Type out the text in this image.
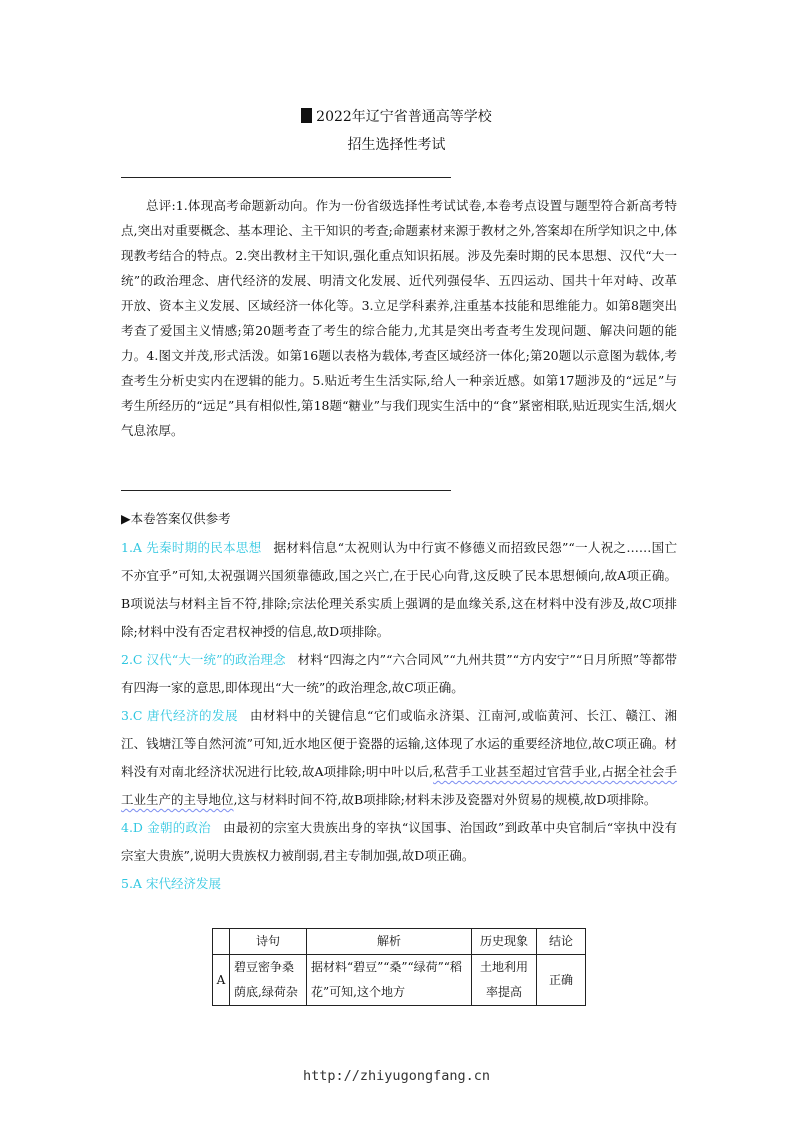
2022年辽宁省普通高等学校
招生选择性考试
总评:1.体现高考命题新动向。作为一份省级选择性考试试卷,本卷考点设置与题型符合新高考特点,突出对重要概念、基本理论、主干知识的考查;命题素材来源于教材之外,答案却在所学知识之中,体现教考结合的特点。2.突出教材主干知识,强化重点知识拓展。涉及先秦时期的民本思想、汉代“大一统”的政治理念、唐代经济的发展、明清文化发展、近代列强侵华、五四运动、国共十年对峙、改革开放、资本主义发展、区域经济一体化等。3.立足学科素养,注重基本技能和思维能力。如第8题突出考查了爱国主义情感;第20题考查了考生的综合能力,尤其是突出考查考生发现问题、解决问题的能力。4.图文并茂,形式活泼。如第16题以表格为载体,考查区域经济一体化;第20题以示意图为载体,考查考生分析史实内在逻辑的能力。5.贴近考生生活实际,给人一种亲近感。如第17题涉及的“远足”与考生所经历的“远足”具有相似性,第18题“糖业”与我们现实生活中的“食”紧密相联,贴近现实生活,烟火气息浓厚。
▶本卷答案仅供参考

1.A 先秦时期的民本思想 据材料信息“太祝则认为中行寅不修德义而招致民怨”“一人祝之……国亡不亦宜乎”可知,太祝强调兴国须靠德政,国之兴亡,在于民心向背,这反映了民本思想倾向,故A项正确。B项说法与材料主旨不符,排除;宗法伦理关系实质上强调的是血缘关系,这在材料中没有涉及,故C项排除;材料中没有否定君权神授的信息,故D项排除。

2.C 汉代“大一统”的政治理念 材料“四海之内”“六合同风”“九州共贯”“方内安宁”“日月所照”等都带有四海一家的意思,即体现出“大一统”的政治理念,故C项正确。

3.C 唐代经济的发展 由材料中的关键信息“它们或临永济渠、江南河,或临黄河、长江、赣江、湘江、钱塘江等自然河流”可知,近水地区便于瓷器的运输,这体现了水运的重要经济地位,故C项正确。材料没有对南北经济状况进行比较,故A项排除;明中叶以后,私营手工业甚至超过官营手业,占据全社会手工业生产的主导地位,这与材料时间不符,故B项排除;材料未涉及瓷器对外贸易的规模,故D项排除。

4.D 金朝的政治 由最初的宗室大贵族出身的宰执“议国事、治国政”到政革中央官制后“宰执中没有宗室大贵族”,说明大贵族权力被削弱,君主专制加强,故D项正确。

5.A 宋代经济发展

	诗句	解析	历史现象	结论
A	碧豆密争桑荫底,绿荷杂	据材料“碧豆”“桑”“绿荷”“稻花”可知,这个地方	土地利用率提高	正确
http://zhiyugongfang.cn
